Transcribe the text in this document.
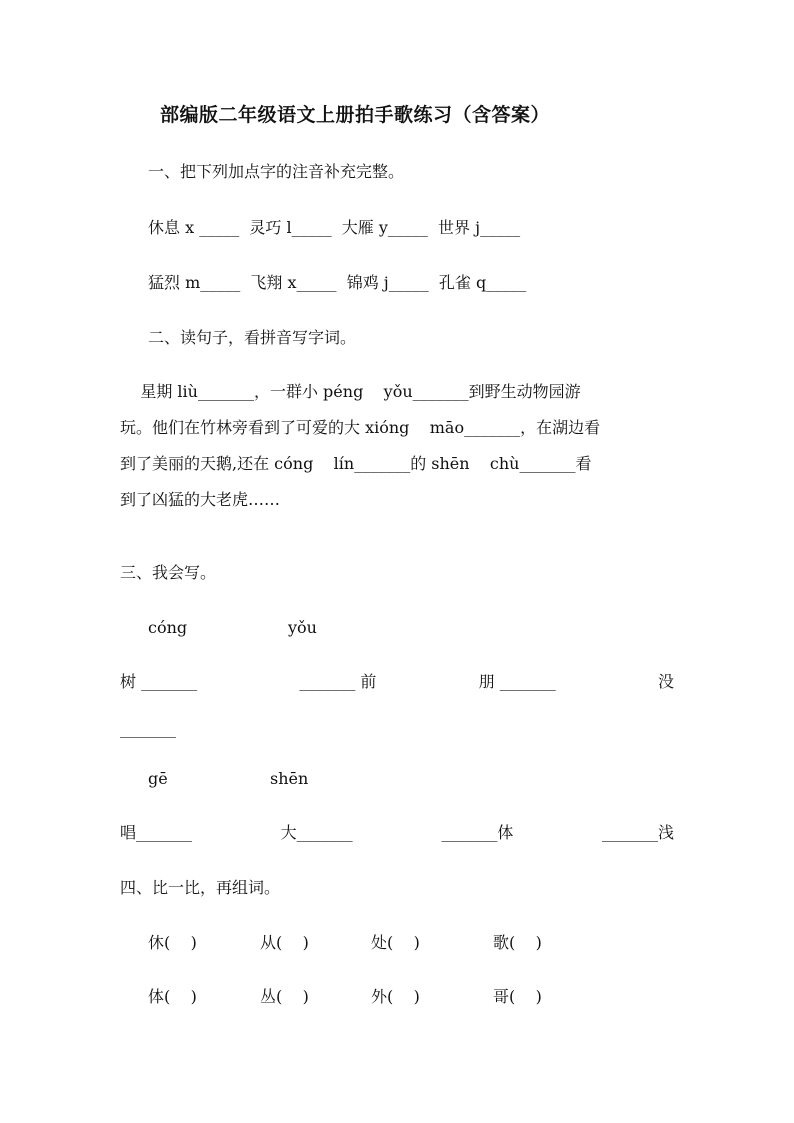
部编版二年级语文上册拍手歌练习（含答案）
一、把下列加点字的注音补充完整。
休息 x _____  灵巧 l_____  大雁 y_____  世界 j_____
猛烈 m_____  飞翔 x_____  锦鸡 j_____  孔雀 q_____
二、读句子，看拼音写字词。
星期 liù_______，一群小 péng    yǒu_______到野生动物园游
玩。他们在竹林旁看到了可爱的大 xióng    māo_______，在湖边看
到了美丽的天鹅,还在 cóng    lín_______的 shēn    chù_______看
到了凶猛的大老虎……
三、我会写。
cóng	yǒu
树 _______	_______ 前	朋 _______	没
_______
gē	shēn
唱_______	大_______	_______体	_______浅
四、比一比，再组词。
休(    )	从(    )	处(    )	歌(    )
体(    )	丛(    )	外(    )	哥(    )
